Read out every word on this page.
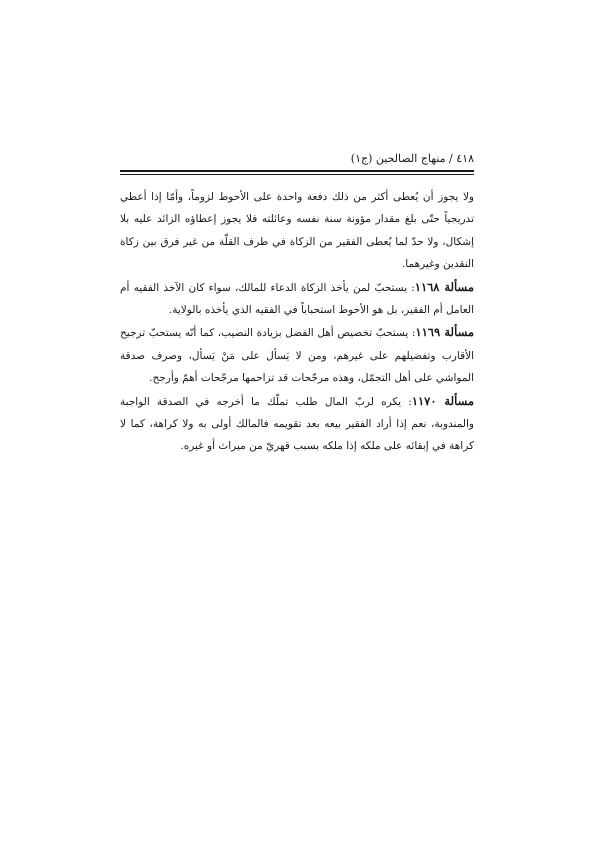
٤١٨ / منهاج الصالحين (ج١)

ولا يجوز أن يُعطى أكثر من ذلك دفعة واحدة على الأحوط لزوماً، وأمّا إذا أعطي تدريجياً حتّى بلغ مقدار مؤونة سنة نفسه وعائلته فلا يجوز إعطاؤه الزائد عليه بلا إشكال، ولا حدّ لما يُعطى الفقير من الزكاة في طرف القلّة من غير فرق بين زكاة النقدين وغيرهما.

مسألة ١١٦٨: يستحبّ لمن يأخذ الزكاة الدعاء للمالك، سواء كان الآخذ الفقيه أم العامل أم الفقير، بل هو الأحوط استحباباً في الفقيه الذي يأخذه بالولاية.

مسألة ١١٦٩: يستحبّ تخصيص أهل الفضل بزيادة النصيب، كما أنّه يستحبّ ترجيح الأقارب وتفضيلهم على غيرهم، ومن لا يَسأل على مَنْ يَسأل، وصرف صدقة المواشي على أهل التجمّل، وهذه مرجّحات قد تزاحمها مرجّحات أهمّ وأرجح.

مسألة ١١٧٠: يكره لربّ المال طلب تملّك ما أخرجه في الصدقة الواجبة والمندوبة، نعم إذا أراد الفقير بيعه بعد تقويمه فالمالك أولى به ولا كراهة، كما لا كراهة في إبقائه على ملكه إذا ملكه بسبب قهريّ من ميراث أو غيره.
